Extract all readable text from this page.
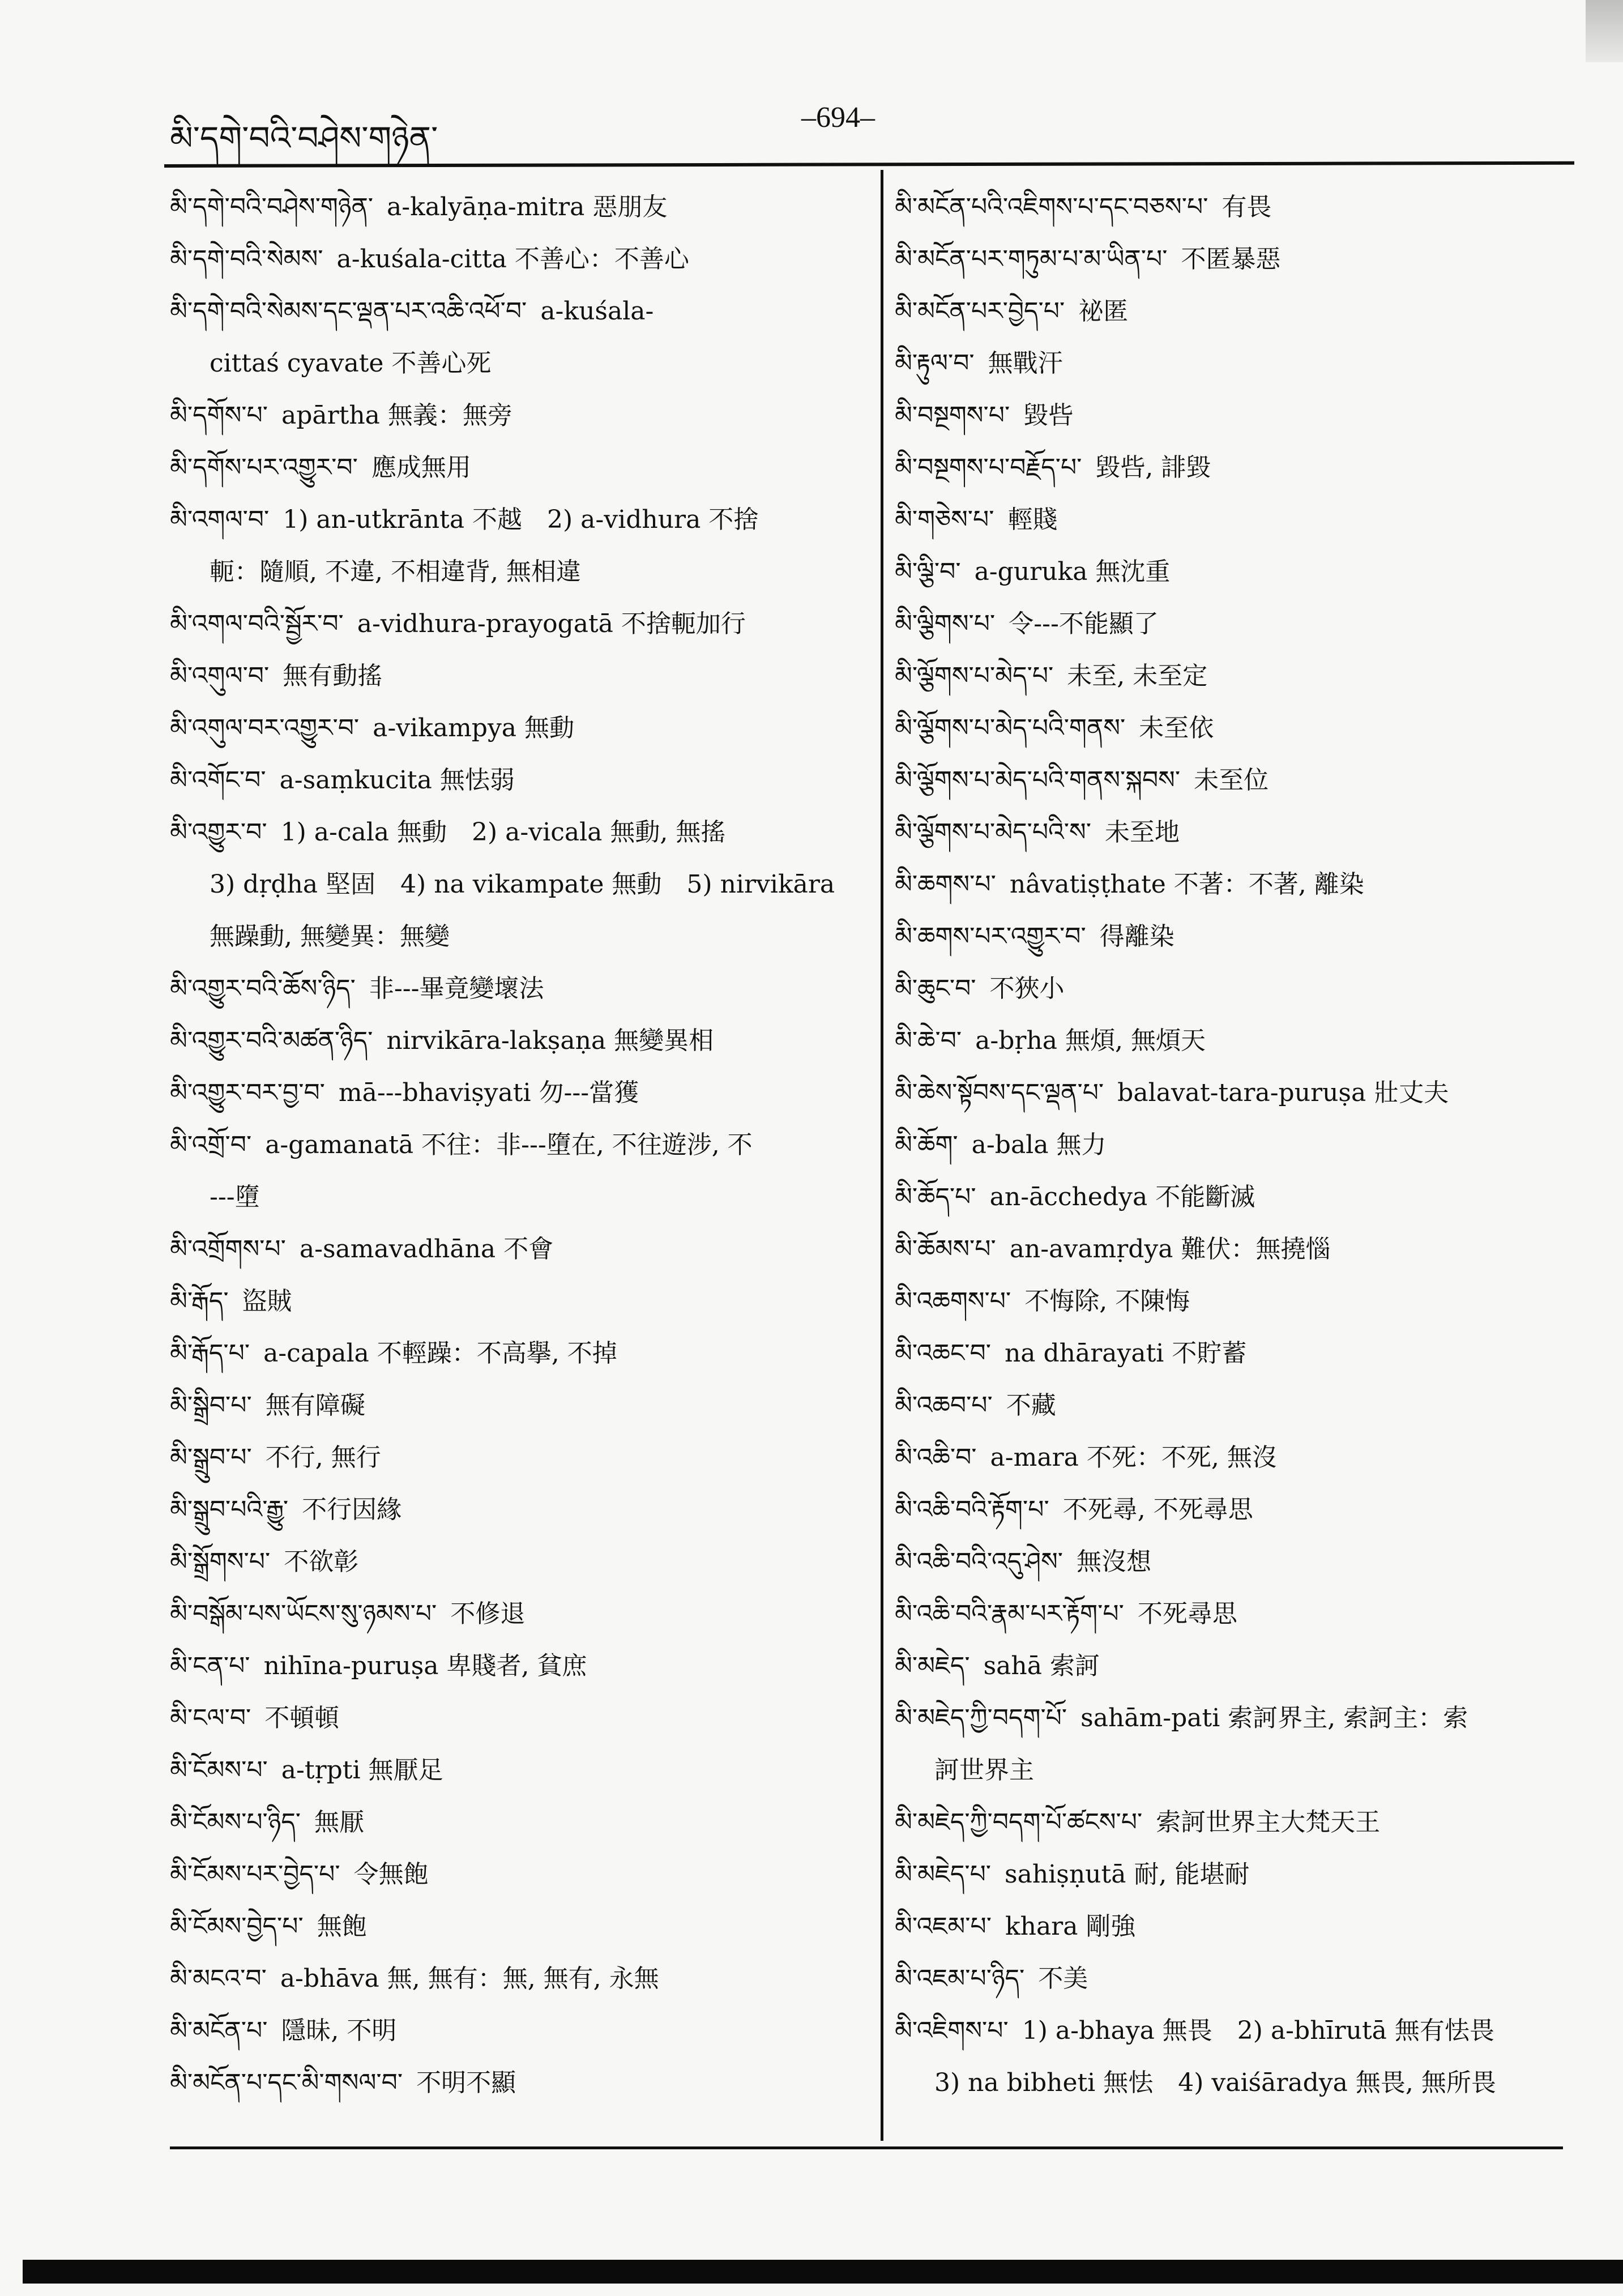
མི་དགེ་བའི་བཤེས་གཉེན་
–694–

མི་དགེ་བའི་བཤེས་གཉེན་ a-kalyāṇa-mitra 惡朋友

མི་དགེ་བའི་སེམས་ a-kuśala-citta 不善心：不善心

མི་དགེ་བའི་སེམས་དང་ལྡན་པར་འཆི་འཕོ་བ་ a-kuśala-

cittaś cyavate 不善心死

མི་དགོས་པ་ apārtha 無義：無旁

མི་དགོས་པར་འགྱུར་བ་ 應成無用

མི་འགལ་བ་ 1) an-utkrānta 不越　2) a-vidhura 不捨

軛：隨順, 不違, 不相違背, 無相違

མི་འགལ་བའི་སྦྱོར་བ་ a-vidhura-prayogatā 不捨軛加行

མི་འགུལ་བ་ 無有動搖

མི་འགུལ་བར་འགྱུར་བ་ a-vikampya 無動

མི་འགོང་བ་ a-saṃkucita 無怯弱

མི་འགྱུར་བ་ 1) a-cala 無動　2) a-vicala 無動, 無搖

3) dṛḍha 堅固　4) na vikampate 無動　5) nirvikāra

無躁動, 無變異：無變

མི་འགྱུར་བའི་ཆོས་ཉིད་ 非---畢竟變壞法

མི་འགྱུར་བའི་མཚན་ཉིད་ nirvikāra-lakṣaṇa 無變異相

མི་འགྱུར་བར་བྱ་བ་ mā---bhaviṣyati 勿---當獲

མི་འགྲོ་བ་ a-gamanatā 不往：非---墮在, 不往遊涉, 不

---墮

མི་འགྲོགས་པ་ a-samavadhāna 不會

མི་རྒོད་ 盜賊

མི་རྒོད་པ་ a-capala 不輕躁：不高擧, 不掉

མི་སྒྲིབ་པ་ 無有障礙

མི་སྒྲུབ་པ་ 不行, 無行

མི་སྒྲུབ་པའི་རྒྱུ་ 不行因緣

མི་སྒྲོགས་པ་ 不欲彰

མི་བསྒོམ་པས་ཡོངས་སུ་ཉམས་པ་ 不修退

མི་ངན་པ་ nihīna-puruṣa 卑賤者, 貧庶

མི་ངལ་བ་ 不頓頓

མི་ངོམས་པ་ a-tṛpti 無厭足

མི་ངོམས་པ་ཉིད་ 無厭

མི་ངོམས་པར་བྱེད་པ་ 令無飽

མི་ངོམས་བྱེད་པ་ 無飽

མི་མངའ་བ་ a-bhāva 無, 無有：無, 無有, 永無

མི་མངོན་པ་ 隱昧, 不明

མི་མངོན་པ་དང་མི་གསལ་བ་ 不明不顯

མི་མངོན་པའི་འཇིགས་པ་དང་བཅས་པ་ 有畏

མི་མངོན་པར་གཏུམ་པ་མ་ཡིན་པ་ 不匿暴惡

མི་མངོན་པར་བྱེད་པ་ 祕匿

མི་རྟུལ་བ་ 無戰汗

མི་བསྔགས་པ་ 毀呰

མི་བསྔགས་པ་བརྗོད་པ་ 毀呰, 誹毀

མི་གཅེས་པ་ 輕賤

མི་ལྕི་བ་ a-guruka 無沈重

མི་ལྕིགས་པ་ 令---不能顯了

མི་ལྕོགས་པ་མེད་པ་ 未至, 未至定

མི་ལྕོགས་པ་མེད་པའི་གནས་ 未至依

མི་ལྕོགས་པ་མེད་པའི་གནས་སྐབས་ 未至位

མི་ལྕོགས་པ་མེད་པའི་ས་ 未至地

མི་ཆགས་པ་ nâvatiṣṭhate 不著：不著, 離染

མི་ཆགས་པར་འགྱུར་བ་ 得離染

མི་ཆུང་བ་ 不狹小

མི་ཆེ་བ་ a-bṛha 無煩, 無煩天

མི་ཆེས་སྟོབས་དང་ལྡན་པ་ balavat-tara-puruṣa 壯丈夫

མི་ཆོག་ a-bala 無力

མི་ཆོད་པ་ an-ācchedya 不能斷滅

མི་ཆོམས་པ་ an-avamṛdya 難伏：無撓惱

མི་འཆགས་པ་ 不悔除, 不陳悔

མི་འཆང་བ་ na dhārayati 不貯蓄

མི་འཆབ་པ་ 不藏

མི་འཆི་བ་ a-mara 不死：不死, 無沒

མི་འཆི་བའི་རྟོག་པ་ 不死尋, 不死尋思

མི་འཆི་བའི་འདུ་ཤེས་ 無沒想

མི་འཆི་བའི་རྣམ་པར་རྟོག་པ་ 不死尋思

མི་མཇེད་ sahā 索訶

མི་མཇེད་ཀྱི་བདག་པོ་ sahām-pati 索訶界主, 索訶主：索

訶世界主

མི་མཇེད་ཀྱི་བདག་པོ་ཚངས་པ་ 索訶世界主大梵天王

མི་མཇེད་པ་ sahiṣṇutā 耐, 能堪耐

མི་འཇམ་པ་ khara 剛強

མི་འཇམ་པ་ཉིད་ 不美

མི་འཇིགས་པ་ 1) a-bhaya 無畏　2) a-bhīrutā 無有怯畏

3) na bibheti 無怯　4) vaiśāradya 無畏, 無所畏
